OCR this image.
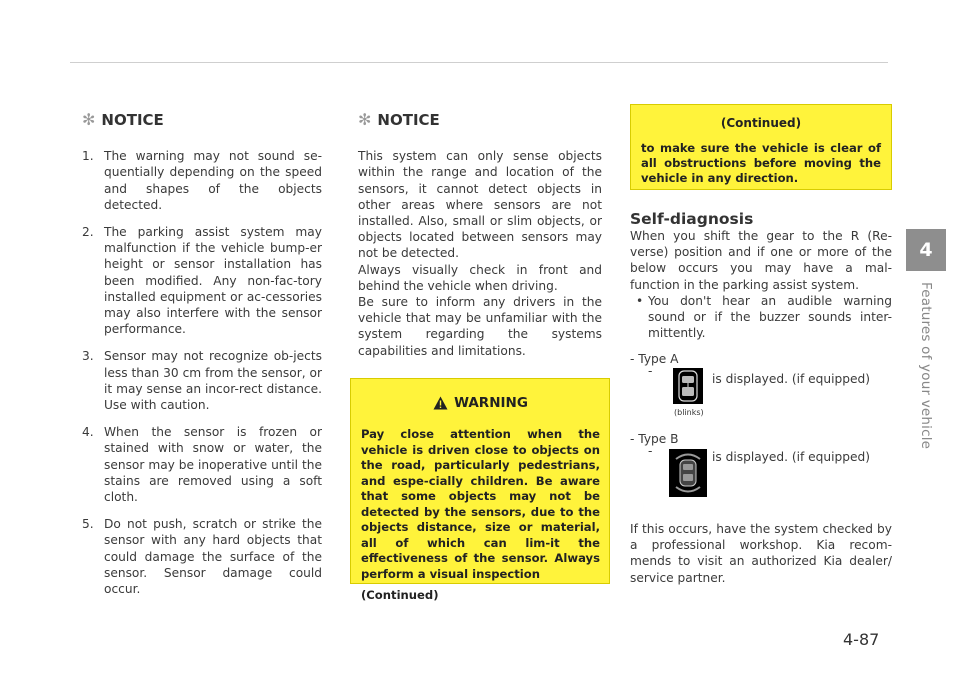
✻ NOTICE
1. The warning may not sound se-quentially depending on the speed and shapes of the objects detected.
2. The parking assist system may malfunction if the vehicle bump-er height or sensor installation has been modified. Any non-fac-tory installed equipment or ac-cessories may also interfere with the sensor performance.
3. Sensor may not recognize ob-jects less than 30 cm from the sensor, or it may sense an incor-rect distance. Use with caution.
4. When the sensor is frozen or stained with snow or water, the sensor may be inoperative until the stains are removed using a soft cloth.
5. Do not push, scratch or strike the sensor with any hard objects that could damage the surface of the sensor. Sensor damage could occur.
✻ NOTICE

This system can only sense objects within the range and location of the sensors, it cannot detect objects in other areas where sensors are not installed. Also, small or slim objects, or objects located between sensors may not be detected.

Always visually check in front and behind the vehicle when driving.

Be sure to inform any drivers in the vehicle that may be unfamiliar with the system regarding the systems capabilities and limitations.

WARNING
Pay close attention when the vehicle is driven close to objects on the road, particularly pedestrians, and espe-cially children. Be aware that some objects may not be detected by the sensors, due to the objects distance, size or material, all of which can lim-it the effectiveness of the sensor. Always perform a visual inspection
(Continued)
(Continued)
to make sure the vehicle is clear of all obstructions before moving the vehicle in any direction.
Self-diagnosis

When you shift the gear to the R (Re-verse) position and if one or more of the below occurs you may have a mal-function in the parking assist system.

• You don't hear an audible warning sound or if the buzzer sounds inter-mittently.
- Type A
-
is displayed. (if equipped)
(blinks)
- Type B
-	is displayed. (if equipped)
If this occurs, have the system checked by a professional workshop. Kia recom-mends to visit an authorized Kia dealer/ service partner.
4
Features of your vehicle
4-87
